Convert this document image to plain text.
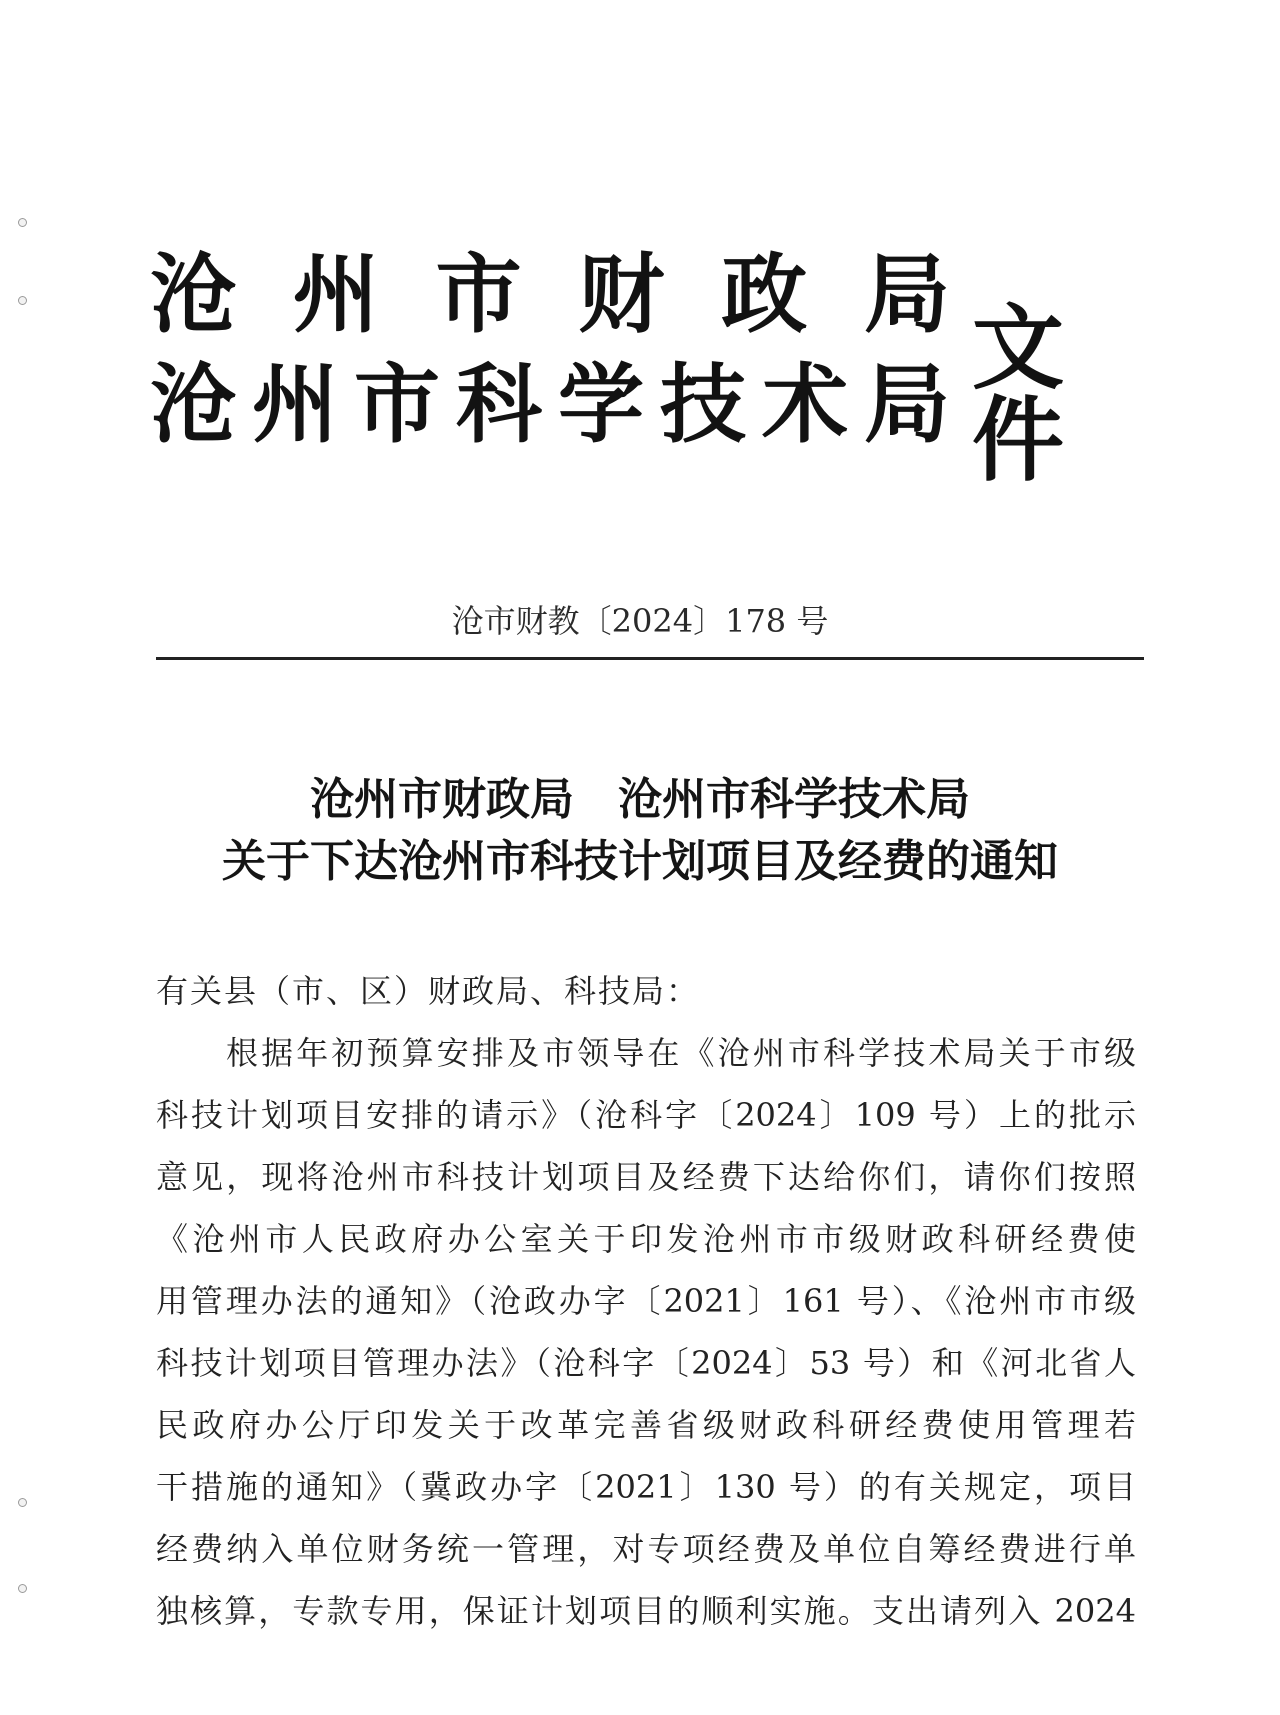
沧 州 市 财 政 局
沧 州 市 科 学 技 术 局
文件
沧市财教〔2024〕178 号
沧州市财政局　沧州市科学技术局
关于下达沧州市科技计划项目及经费的通知
有关县（市、区）财政局、科技局：
根据年初预算安排及市领导在《沧州市科学技术局关于市级
科技计划项目安排的请示》（沧科字〔2024〕109 号）上的批示
意见，现将沧州市科技计划项目及经费下达给你们，请你们按照
《沧州市人民政府办公室关于印发沧州市市级财政科研经费使
用管理办法的通知》（沧政办字〔2021〕161 号）、《沧州市市级
科技计划项目管理办法》（沧科字〔2024〕53 号）和《河北省人
民政府办公厅印发关于改革完善省级财政科研经费使用管理若
干措施的通知》（冀政办字〔2021〕130 号）的有关规定，项目
经费纳入单位财务统一管理，对专项经费及单位自筹经费进行单
独核算，专款专用，保证计划项目的顺利实施。支出请列入 2024
